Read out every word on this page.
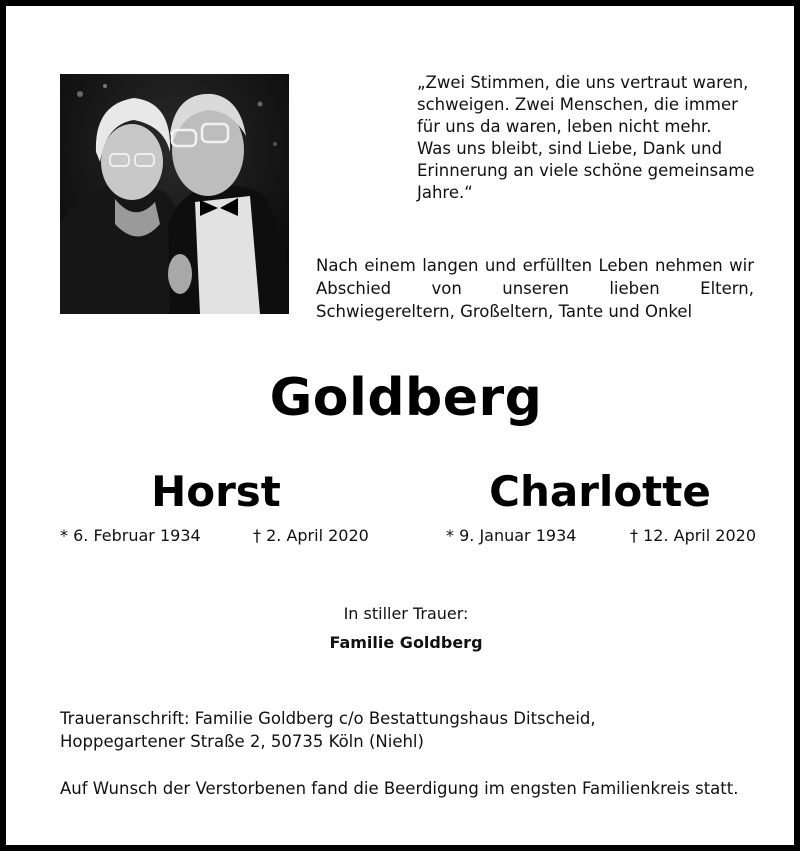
„Zwei Stimmen, die uns vertraut waren,
schweigen. Zwei Menschen, die immer
für uns da waren, leben nicht mehr.
Was uns bleibt, sind Liebe, Dank und
Erinnerung an viele schöne gemeinsame
Jahre.“
Nach einem langen und erfüllten Leben nehmen wir Abschied von unseren lieben Eltern, Schwiegereltern, Großeltern, Tante und Onkel
Goldberg
Horst	Charlotte
* 6. Februar 1934	† 2. April 2020	* 9. Januar 1934	† 12. April 2020
In stiller Trauer:
Familie Goldberg
Traueranschrift: Familie Goldberg c/o Bestattungshaus Ditscheid,
Hoppegartener Straße 2, 50735 Köln (Niehl)
Auf Wunsch der Verstorbenen fand die Beerdigung im engsten Familienkreis statt.
